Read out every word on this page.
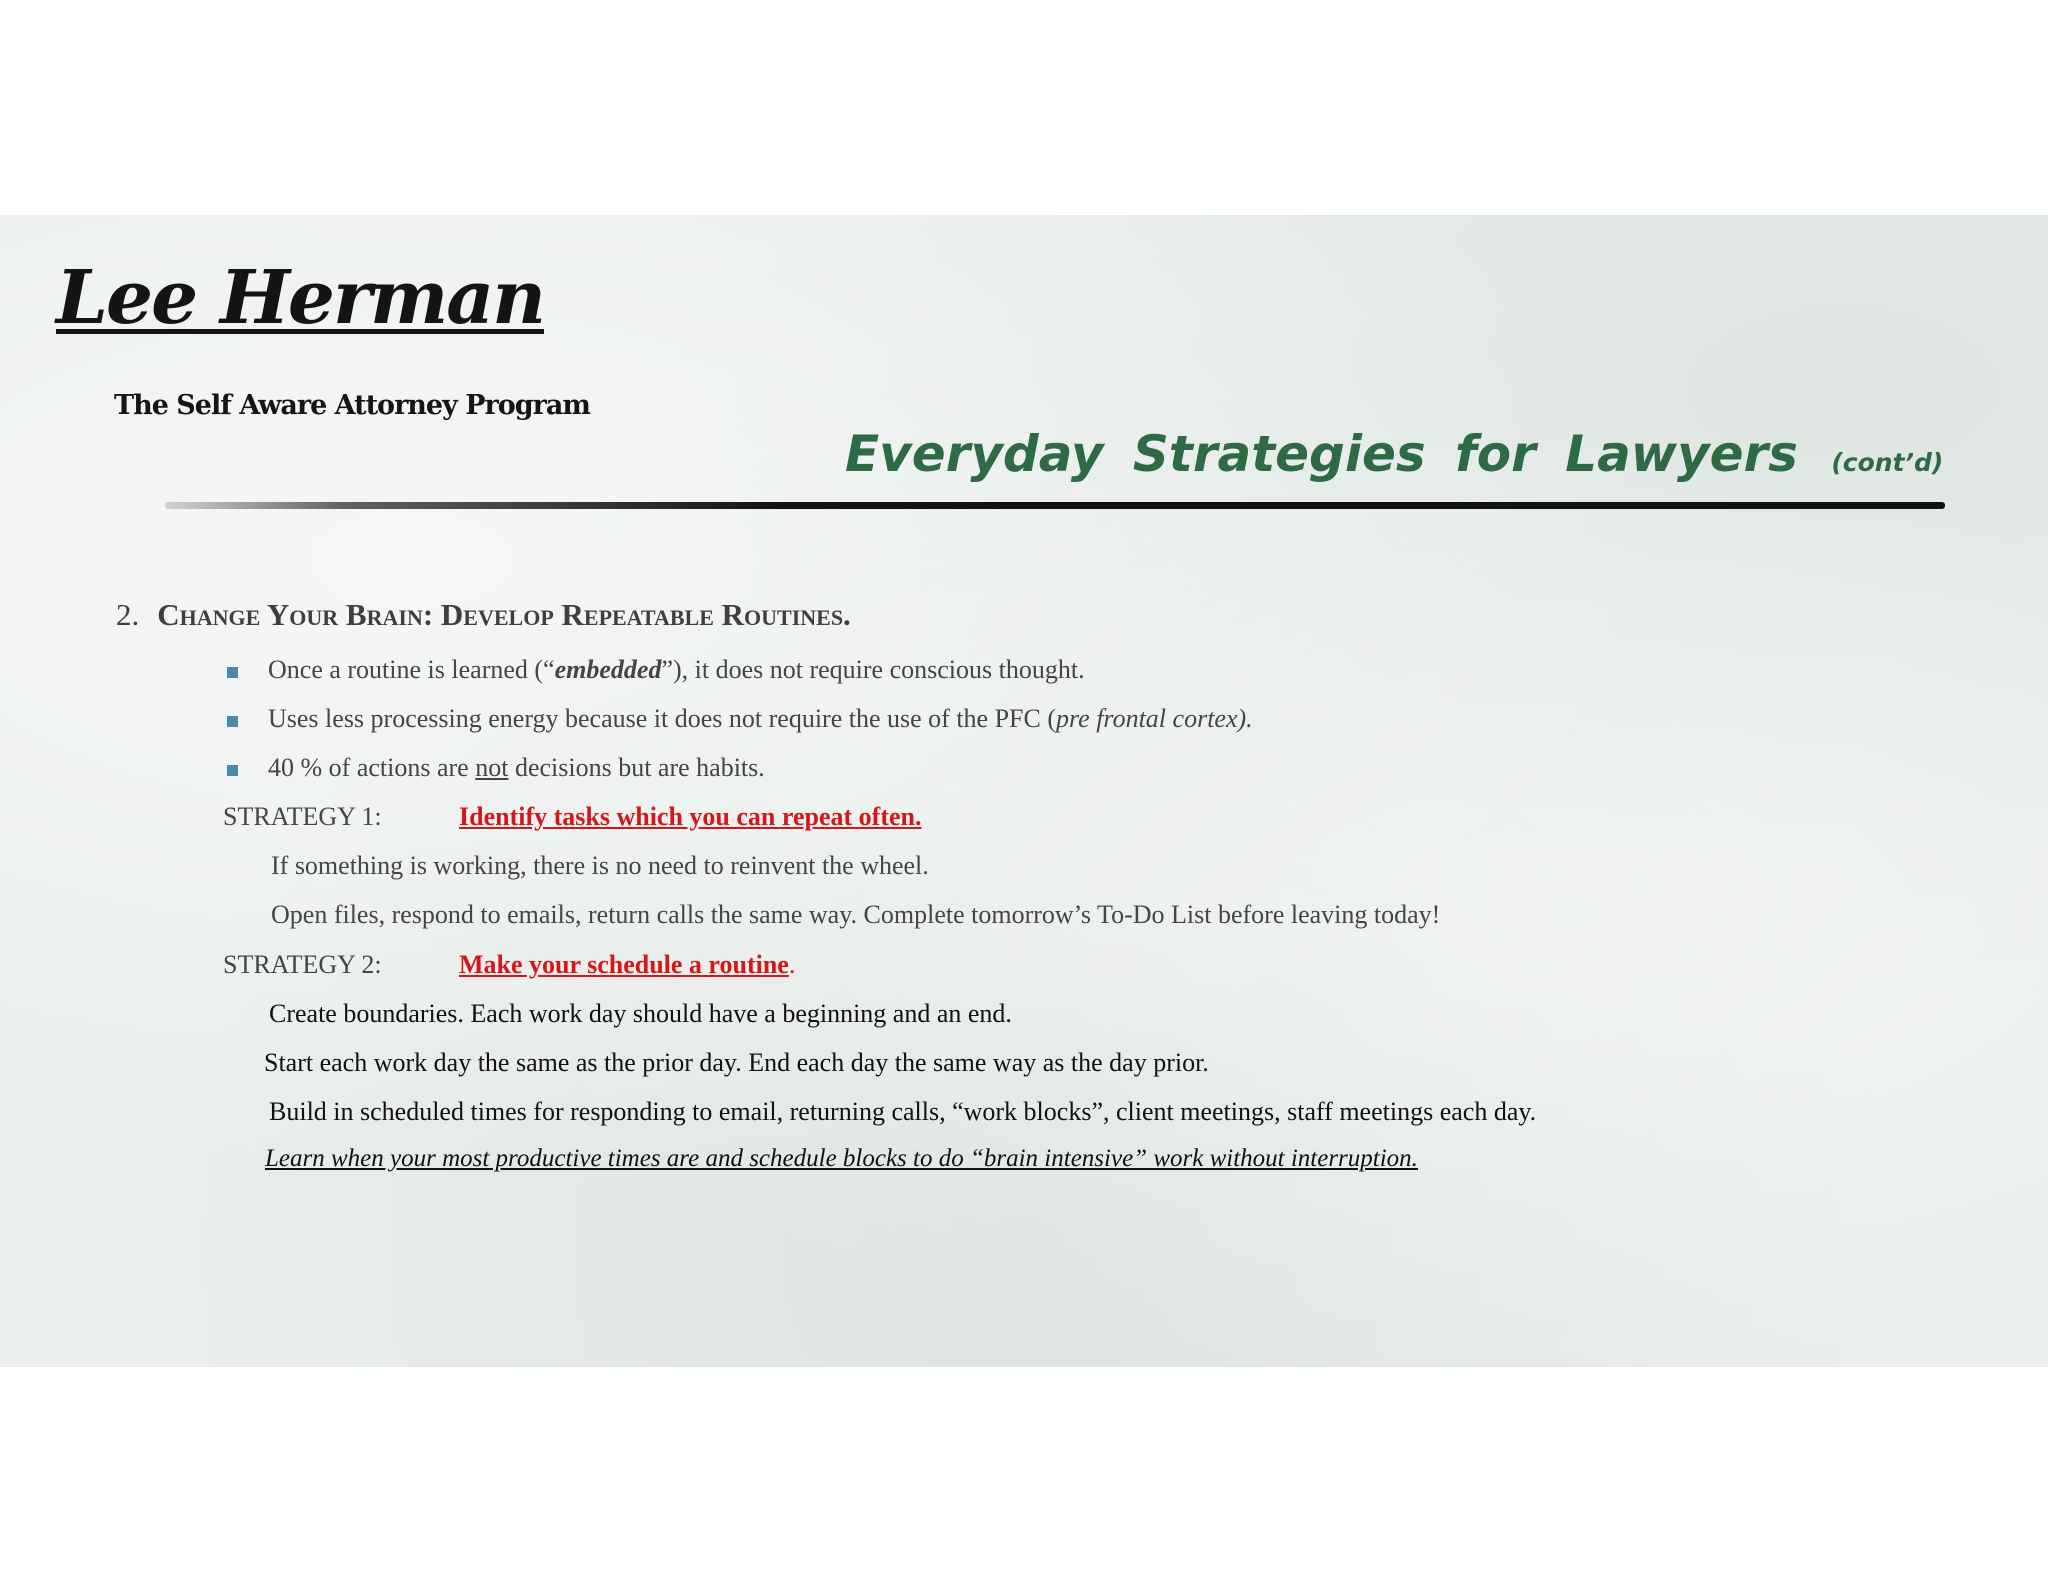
Lee Herman
The Self Aware Attorney Program
Everyday Strategies for Lawyers (cont’d)
2. Change Your Brain: Develop Repeatable Routines.
Once a routine is learned (“embedded”), it does not require conscious thought.
Uses less processing energy because it does not require the use of the PFC (pre frontal cortex).
40 % of actions are not decisions but are habits.
STRATEGY 1:	Identify tasks which you can repeat often.
If something is working, there is no need to reinvent the wheel.
Open files, respond to emails, return calls the same way. Complete tomorrow’s To-Do List before leaving today!
STRATEGY 2:	Make your schedule a routine.
Create boundaries. Each work day should have a beginning and an end.
Start each work day the same as the prior day. End each day the same way as the day prior.
Build in scheduled times for responding to email, returning calls, “work blocks”, client meetings, staff meetings each day.
Learn when your most productive times are and schedule blocks to do “brain intensive” work without interruption.
